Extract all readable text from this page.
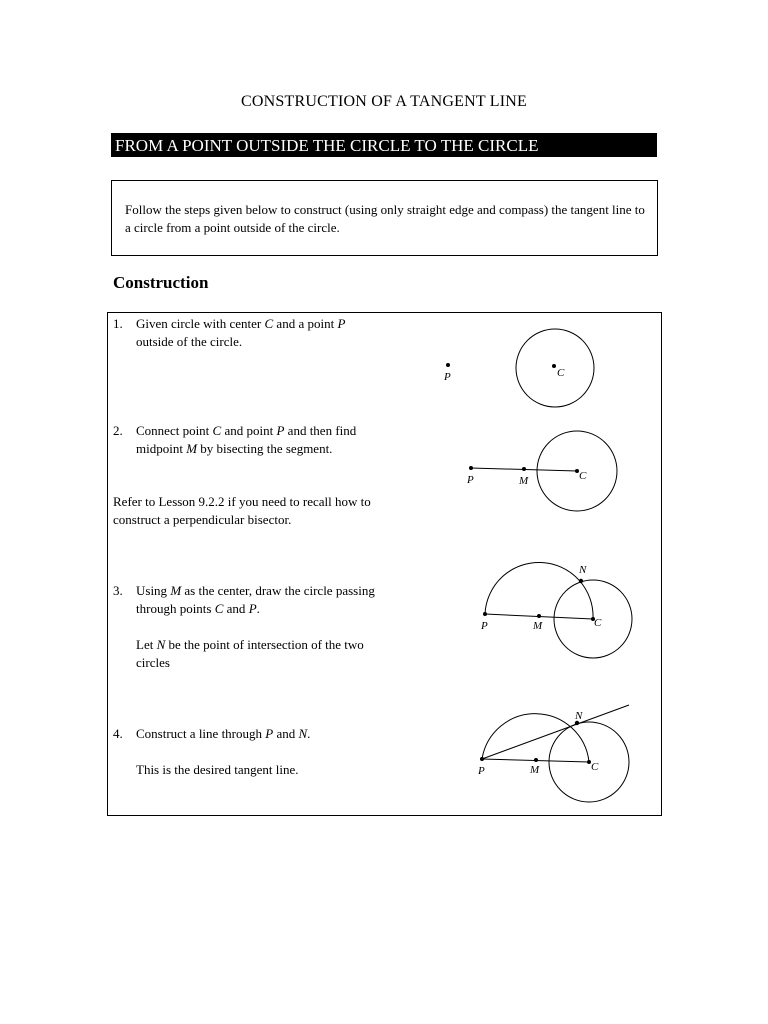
CONSTRUCTION OF A TANGENT LINE
FROM A POINT OUTSIDE THE CIRCLE TO THE CIRCLE
Follow the steps given below to construct (using only straight edge and compass) the tangent line to a circle from a point outside of the circle.
Construction
1. Given circle with center C and a point P outside of the circle.

2. Connect point C and point P and then find midpoint M by bisecting the segment.

Refer to Lesson 9.2.2 if you need to recall how to construct a perpendicular bisector.
3. Using M as the center, draw the circle passing through points C and P.

Let N be the point of intersection of the two circles

4. Construct a line through P and N.

This is the desired tangent line.

P	C
P	M	C
P	M	C
N
P	M	C
N
